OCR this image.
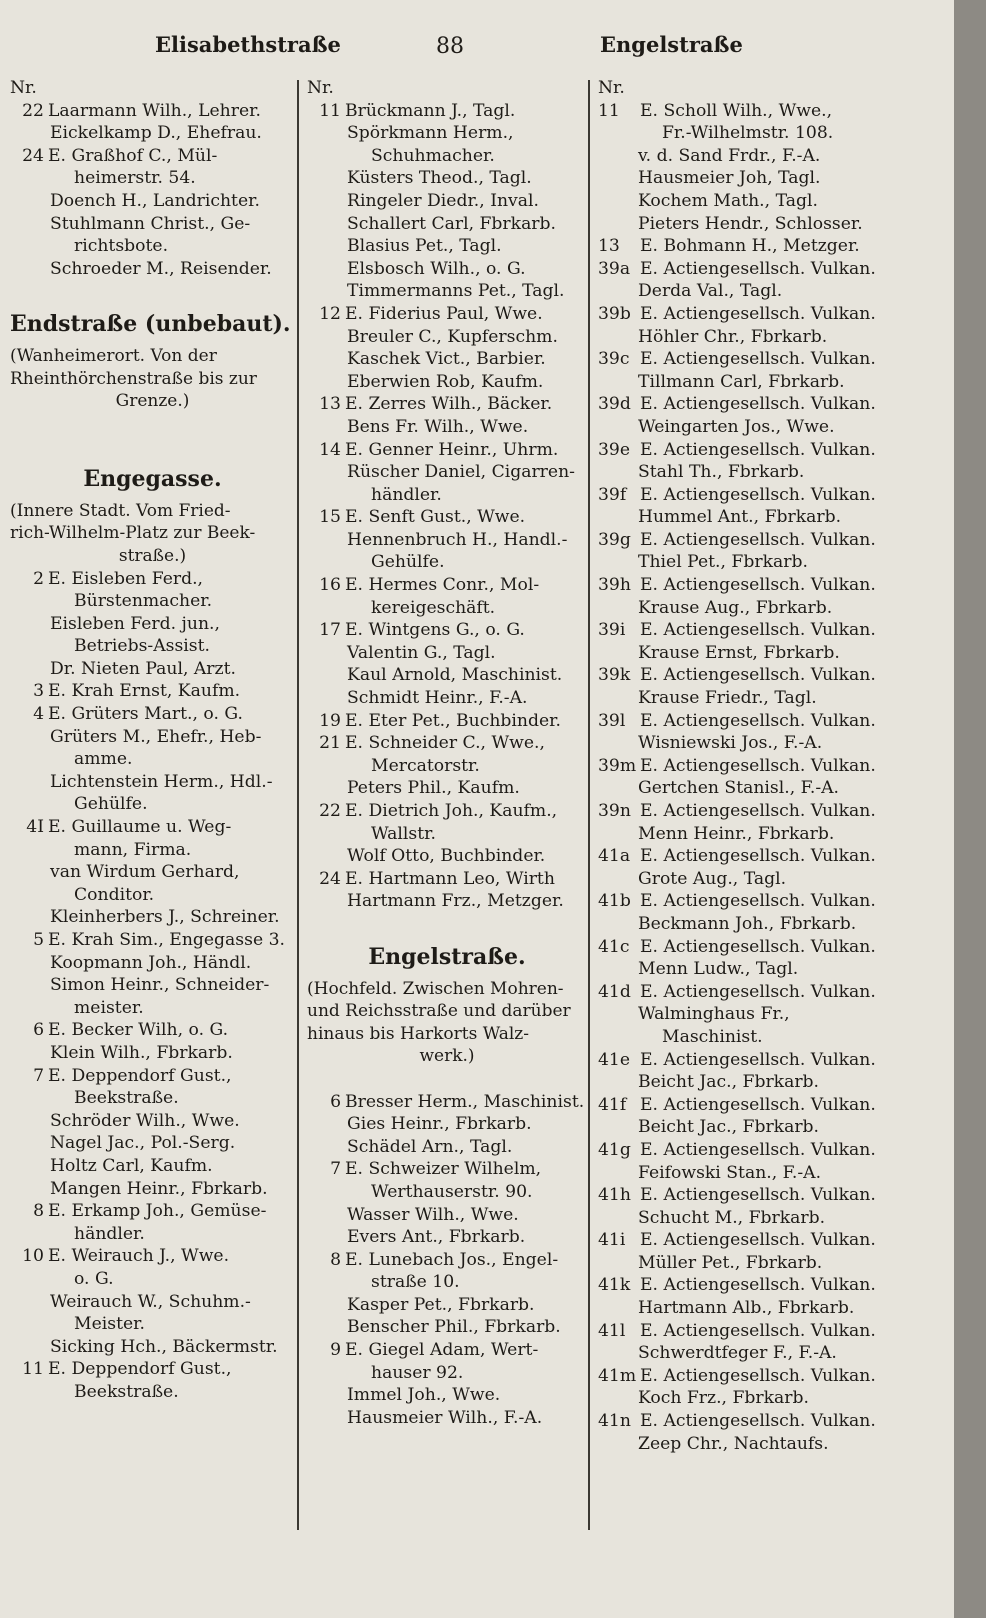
Elisabethstraße	88	Engelstraße
Nr.
22 Laarmann Wilh., Lehrer.
Eickelkamp D., Ehefrau.
24 E. Graßhof C., Mül-
heimerstr. 54.
Doench H., Landrichter.
Stuhlmann Christ., Ge-
richtsbote.
Schroeder M., Reisender.
Endstraße (unbebaut).
(Wanheimerort. Von der
Rheinthörchenstraße bis zur
Grenze.)
Engegasse.
(Innere Stadt. Vom Fried-
rich-Wilhelm-Platz zur Beek-
straße.)
2 E. Eisleben Ferd.,
Bürstenmacher.
Eisleben Ferd. jun.,
Betriebs-Assist.
Dr. Nieten Paul, Arzt.
3 E. Krah Ernst, Kaufm.
4 E. Grüters Mart., o. G.
Grüters M., Ehefr., Heb-
amme.
Lichtenstein Herm., Hdl.-
Gehülfe.
4I E. Guillaume u. Weg-
mann, Firma.
van Wirdum Gerhard,
Conditor.
Kleinherbers J., Schreiner.
5 E. Krah Sim., Engegasse 3.
Koopmann Joh., Händl.
Simon Heinr., Schneider-
meister.
6 E. Becker Wilh, o. G.
Klein Wilh., Fbrkarb.
7 E. Deppendorf Gust.,
Beekstraße.
Schröder Wilh., Wwe.
Nagel Jac., Pol.-Serg.
Holtz Carl, Kaufm.
Mangen Heinr., Fbrkarb.
8 E. Erkamp Joh., Gemüse-
händler.
10 E. Weirauch J., Wwe.
o. G.
Weirauch W., Schuhm.-
Meister.
Sicking Hch., Bäckermstr.
11 E. Deppendorf Gust.,
Beekstraße.
Nr.
11 Brückmann J., Tagl.
Spörkmann Herm.,
Schuhmacher.
Küsters Theod., Tagl.
Ringeler Diedr., Inval.
Schallert Carl, Fbrkarb.
Blasius Pet., Tagl.
Elsbosch Wilh., o. G.
Timmermanns Pet., Tagl.
12 E. Fiderius Paul, Wwe.
Breuler C., Kupferschm.
Kaschek Vict., Barbier.
Eberwien Rob, Kaufm.
13 E. Zerres Wilh., Bäcker.
Bens Fr. Wilh., Wwe.
14 E. Genner Heinr., Uhrm.
Rüscher Daniel, Cigarren-
händler.
15 E. Senft Gust., Wwe.
Hennenbruch H., Handl.-
Gehülfe.
16 E. Hermes Conr., Mol-
kereigeschäft.
17 E. Wintgens G., o. G.
Valentin G., Tagl.
Kaul Arnold, Maschinist.
Schmidt Heinr., F.-A.
19 E. Eter Pet., Buchbinder.
21 E. Schneider C., Wwe.,
Mercatorstr.
Peters Phil., Kaufm.
22 E. Dietrich Joh., Kaufm.,
Wallstr.
Wolf Otto, Buchbinder.
24 E. Hartmann Leo, Wirth
Hartmann Frz., Metzger.
Engelstraße.
(Hochfeld. Zwischen Mohren-
und Reichsstraße und darüber
hinaus bis Harkorts Walz-
werk.)
6 Bresser Herm., Maschinist.
Gies Heinr., Fbrkarb.
Schädel Arn., Tagl.
7 E. Schweizer Wilhelm,
Werthauserstr. 90.
Wasser Wilh., Wwe.
Evers Ant., Fbrkarb.
8 E. Lunebach Jos., Engel-
straße 10.
Kasper Pet., Fbrkarb.
Benscher Phil., Fbrkarb.
9 E. Giegel Adam, Wert-
hauser 92.
Immel Joh., Wwe.
Hausmeier Wilh., F.-A.
Nr.
11 E. Scholl Wilh., Wwe.,
Fr.-Wilhelmstr. 108.
v. d. Sand Frdr., F.-A.
Hausmeier Joh, Tagl.
Kochem Math., Tagl.
Pieters Hendr., Schlosser.
13 E. Bohmann H., Metzger.
39a E. Actiengesellsch. Vulkan.
Derda Val., Tagl.
39b E. Actiengesellsch. Vulkan.
Höhler Chr., Fbrkarb.
39c E. Actiengesellsch. Vulkan.
Tillmann Carl, Fbrkarb.
39d E. Actiengesellsch. Vulkan.
Weingarten Jos., Wwe.
39e E. Actiengesellsch. Vulkan.
Stahl Th., Fbrkarb.
39f E. Actiengesellsch. Vulkan.
Hummel Ant., Fbrkarb.
39g E. Actiengesellsch. Vulkan.
Thiel Pet., Fbrkarb.
39h E. Actiengesellsch. Vulkan.
Krause Aug., Fbrkarb.
39i E. Actiengesellsch. Vulkan.
Krause Ernst, Fbrkarb.
39k E. Actiengesellsch. Vulkan.
Krause Friedr., Tagl.
39l E. Actiengesellsch. Vulkan.
Wisniewski Jos., F.-A.
39m E. Actiengesellsch. Vulkan.
Gertchen Stanisl., F.-A.
39n E. Actiengesellsch. Vulkan.
Menn Heinr., Fbrkarb.
41a E. Actiengesellsch. Vulkan.
Grote Aug., Tagl.
41b E. Actiengesellsch. Vulkan.
Beckmann Joh., Fbrkarb.
41c E. Actiengesellsch. Vulkan.
Menn Ludw., Tagl.
41d E. Actiengesellsch. Vulkan.
Walminghaus Fr.,
Maschinist.
41e E. Actiengesellsch. Vulkan.
Beicht Jac., Fbrkarb.
41f E. Actiengesellsch. Vulkan.
Beicht Jac., Fbrkarb.
41g E. Actiengesellsch. Vulkan.
Feifowski Stan., F.-A.
41h E. Actiengesellsch. Vulkan.
Schucht M., Fbrkarb.
41i E. Actiengesellsch. Vulkan.
Müller Pet., Fbrkarb.
41k E. Actiengesellsch. Vulkan.
Hartmann Alb., Fbrkarb.
41l E. Actiengesellsch. Vulkan.
Schwerdtfeger F., F.-A.
41m E. Actiengesellsch. Vulkan.
Koch Frz., Fbrkarb.
41n E. Actiengesellsch. Vulkan.
Zeep Chr., Nachtaufs.
